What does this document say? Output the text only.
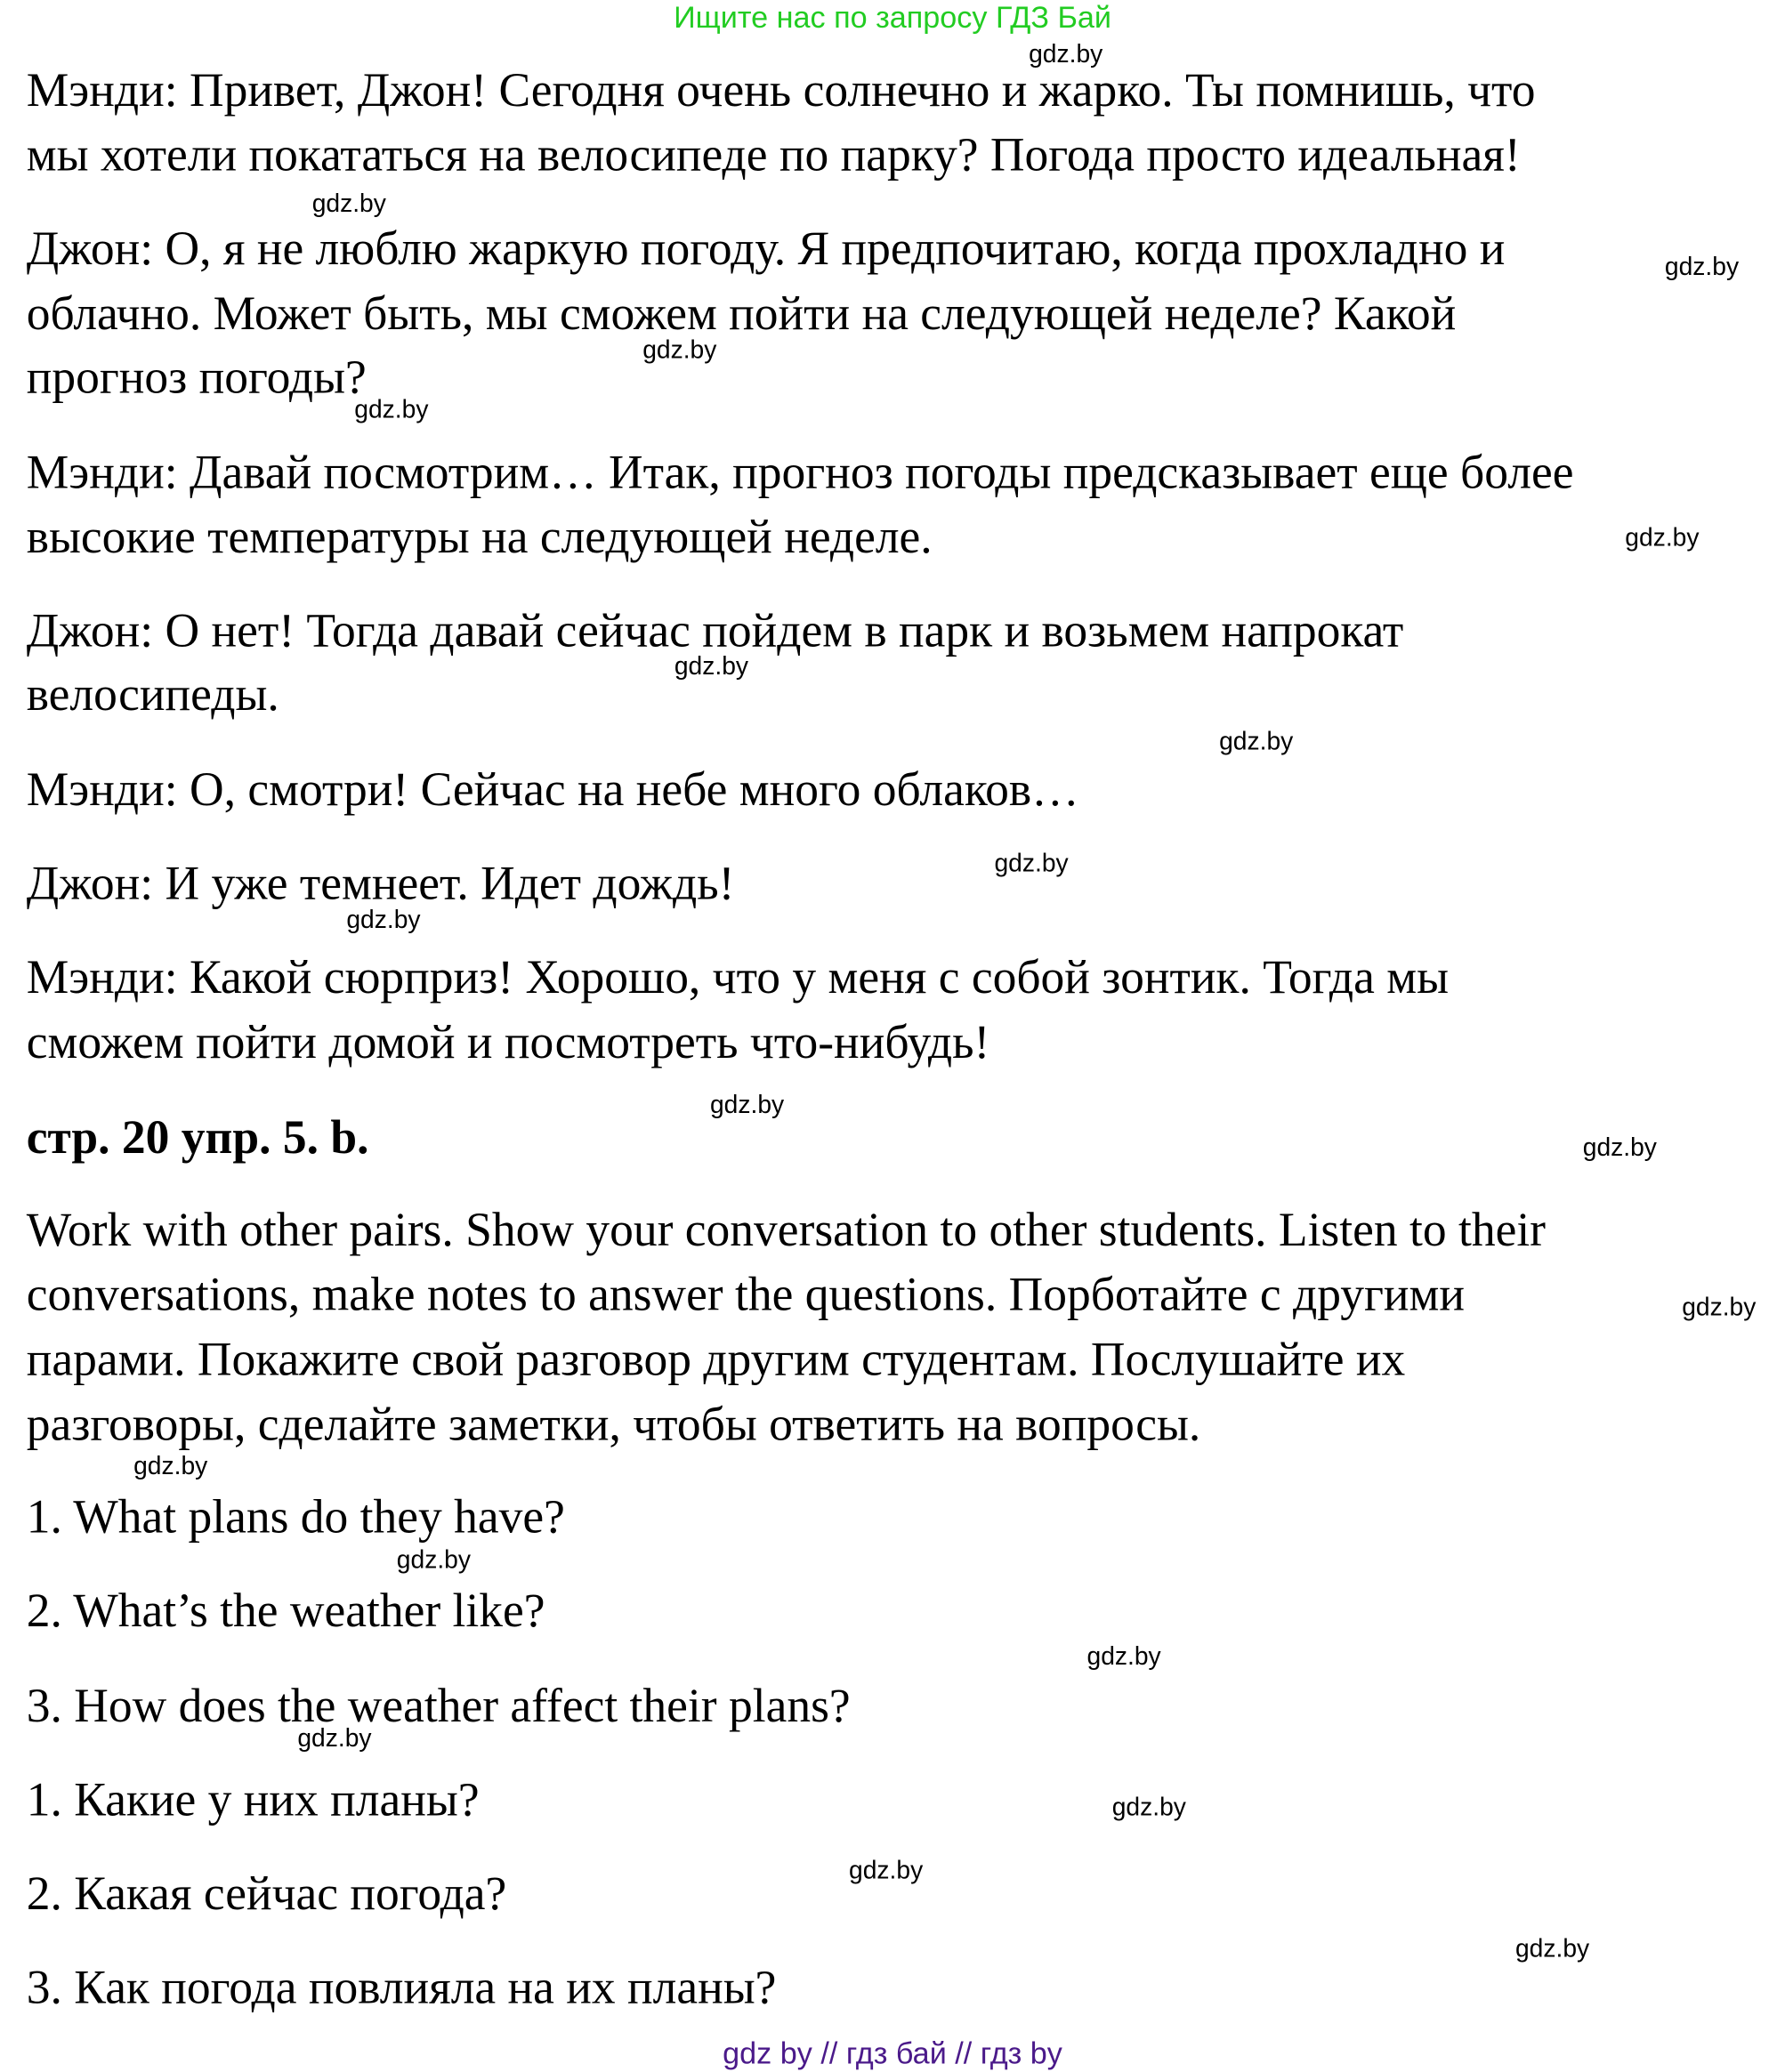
Ищите нас по запросу ГДЗ Бай
Мэнди: Привет, Джон! Сегодня очень солнечно и жарко. Ты помнишь, что
мы хотели покататься на велосипеде по парку? Погода просто идеальная!
Джон: О, я не люблю жаркую погоду. Я предпочитаю, когда прохладно и
облачно. Может быть, мы сможем пойти на следующей неделе? Какой
прогноз погоды?
Мэнди: Давай посмотрим… Итак, прогноз погоды предсказывает еще более
высокие температуры на следующей неделе.
Джон: О нет! Тогда давай сейчас пойдем в парк и возьмем напрокат
велосипеды.
Мэнди: О, смотри! Сейчас на небе много облаков…
Джон: И уже темнеет. Идет дождь!
Мэнди: Какой сюрприз! Хорошо, что у меня с собой зонтик. Тогда мы
сможем пойти домой и посмотреть что-нибудь!
стр. 20 упр. 5. b.
Work with other pairs. Show your conversation to other students. Listen to their
conversations, make notes to answer the questions. Порботайте с другими
парами. Покажите свой разговор другим студентам. Послушайте их
разговоры, сделайте заметки, чтобы ответить на вопросы.
1. What plans do they have?
2. What’s the weather like?
3. How does the weather affect their plans?
1. Какие у них планы?
2. Какая сейчас погода?
3. Как погода повлияла на их планы?
gdz.by
gdz.by
gdz.by
gdz.by
gdz.by
gdz.by
gdz.by
gdz.by
gdz.by
gdz.by
gdz.by
gdz.by
gdz.by
gdz.by
gdz.by
gdz.by
gdz.by
gdz.by
gdz.by
gdz.by
gdz by // гдз бай // гдз by
